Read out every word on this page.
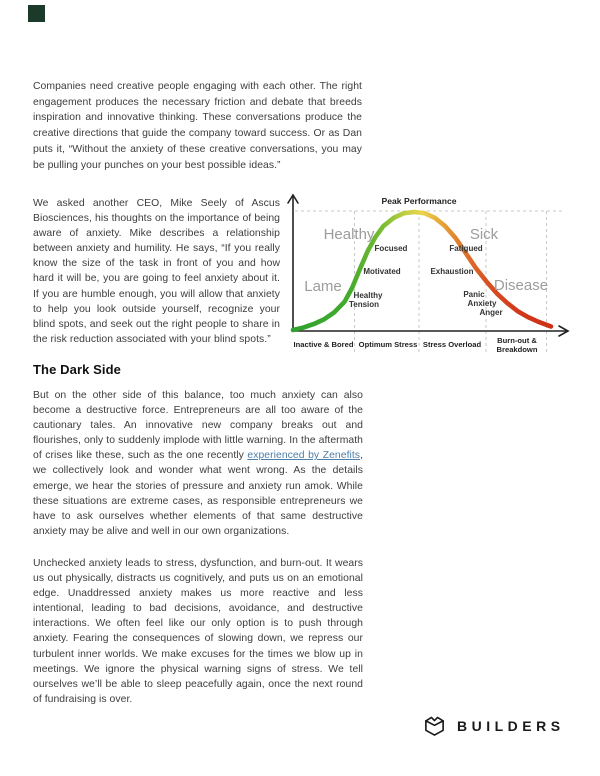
Companies need creative people engaging with each other. The right engagement produces the necessary friction and debate that breeds inspiration and innovative thinking. These conversations produce the creative directions that guide the company toward success. Or as Dan puts it, “Without the anxiety of these creative conversations, you may be pulling your punches on your best possible ideas.”
We asked another CEO, Mike Seely of Ascus Biosciences, his thoughts on the importance of being aware of anxiety. Mike describes a relationship between anxiety and humility. He says, “If you really know the size of the task in front of you and how hard it will be, you are going to feel anxiety about it. If you are humble enough, you will allow that anxiety to help you look outside yourself, recognize your blind spots, and seek out the right people to share in the risk reduction associated with your blind spots.”
Peak Performance
Healthy	Sick
Lame	Disease
Focused
Motivated
Healthy
Tension
Fatigued
Exhaustion
Panic
Anxiety
Anger
Inactive & Bored Optimum Stress Stress Overload Burn-out &
Breakdown
The Dark Side
But on the other side of this balance, too much anxiety can also become a destructive force. Entrepreneurs are all too aware of the cautionary tales. An innovative new company breaks out and flourishes, only to suddenly implode with little warning. In the aftermath of crises like these, such as the one recently experienced by Zenefits, we collectively look and wonder what went wrong. As the details emerge, we hear the stories of pressure and anxiety run amok. While these situations are extreme cases, as responsible entrepreneurs we have to ask ourselves whether elements of that same destructive anxiety may be alive and well in our own organizations.
Unchecked anxiety leads to stress, dysfunction, and burn-out. It wears us out physically, distracts us cognitively, and puts us on an emotional edge. Unaddressed anxiety makes us more reactive and less intentional, leading to bad decisions, avoidance, and destructive interactions. We often feel like our only option is to push through anxiety. Fearing the consequences of slowing down, we repress our turbulent inner worlds. We make excuses for the times we blow up in meetings. We ignore the physical warning signs of stress. We tell ourselves we’ll be able to sleep peacefully again, once the next round of fundraising is over.
BUILDERS
